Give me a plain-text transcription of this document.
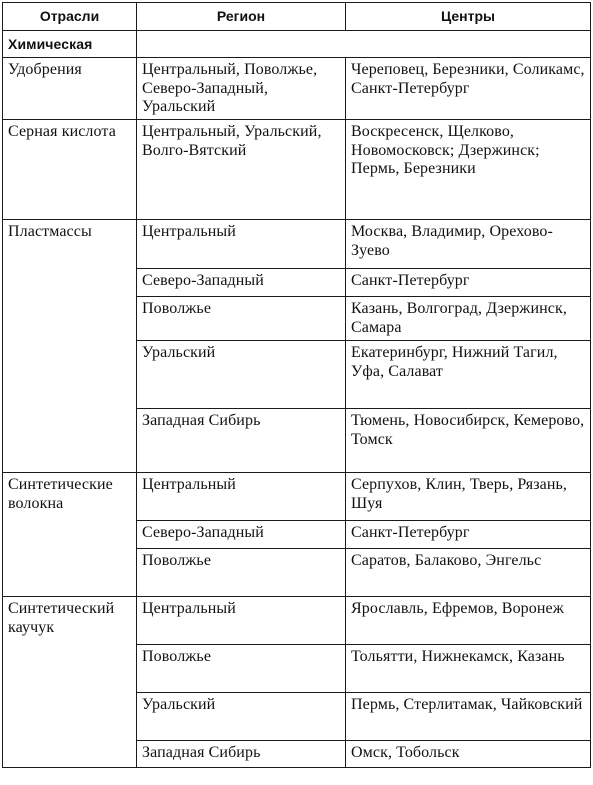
Отрасли	Регион	Центры
Химическая		
Удобрения	Центральный, Поволжье, Северо-Западный, Уральский	Череповец, Березники, Соликамс, Санкт-Петербург
Серная кислота	Центральный, Уральский, Волго-Вятский	Воскресенск, Щелково, Новомосковск; Дзержинск; Пермь, Березники
Пластмассы	Центральный	Москва, Владимир, Орехово-Зуево
	Северо-Западный	Санкт-Петербург
	Поволжье	Казань, Волгоград, Дзержинск, Самара
	Уральский	Екатеринбург, Нижний Тагил, Уфа, Салават
	Западная Сибирь	Тюмень, Новосибирск, Кемерово, Томск
Синтетические волокна	Центральный	Серпухов, Клин, Тверь, Рязань, Шуя
	Северо-Западный	Санкт-Петербург
	Поволжье	Саратов, Балаково, Энгельс
Синтетический каучук	Центральный	Ярославль, Ефремов, Воронеж
	Поволжье	Тольятти, Нижнекамск, Казань
	Уральский	Пермь, Стерлитамак, Чайковский
	Западная Сибирь	Омск, Тобольск
